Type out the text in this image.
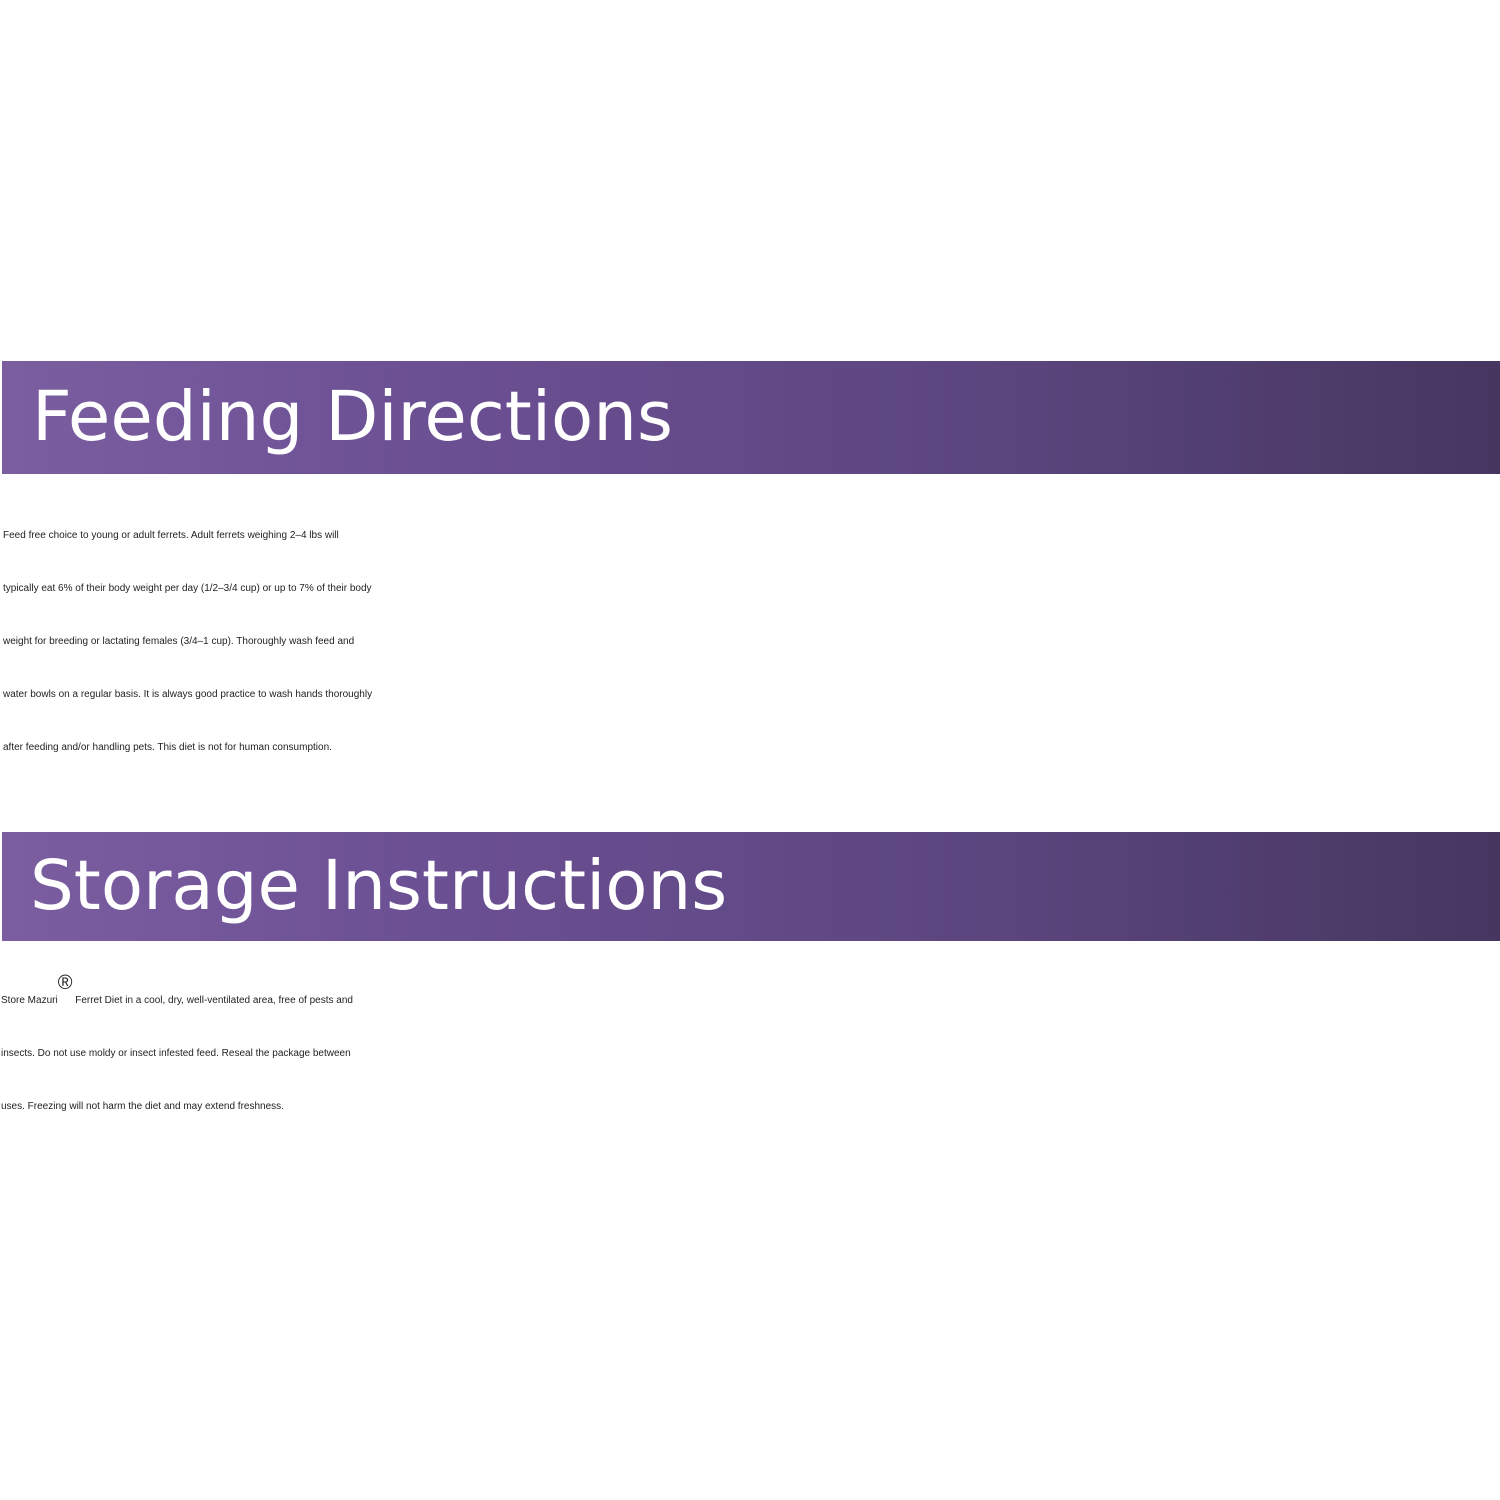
Feeding Directions
Feed free choice to young or adult ferrets. Adult ferrets weighing 2–4 lbs will
typically eat 6% of their body weight per day (1/2–3/4 cup) or up to 7% of their body
weight for breeding or lactating females (3/4–1 cup). Thoroughly wash feed and
water bowls on a regular basis. It is always good practice to wash hands thoroughly
after feeding and/or handling pets. This diet is not for human consumption.
Storage Instructions
Store Mazuri® Ferret Diet in a cool, dry, well-ventilated area, free of pests and
insects. Do not use moldy or insect infested feed. Reseal the package between
uses. Freezing will not harm the diet and may extend freshness.
